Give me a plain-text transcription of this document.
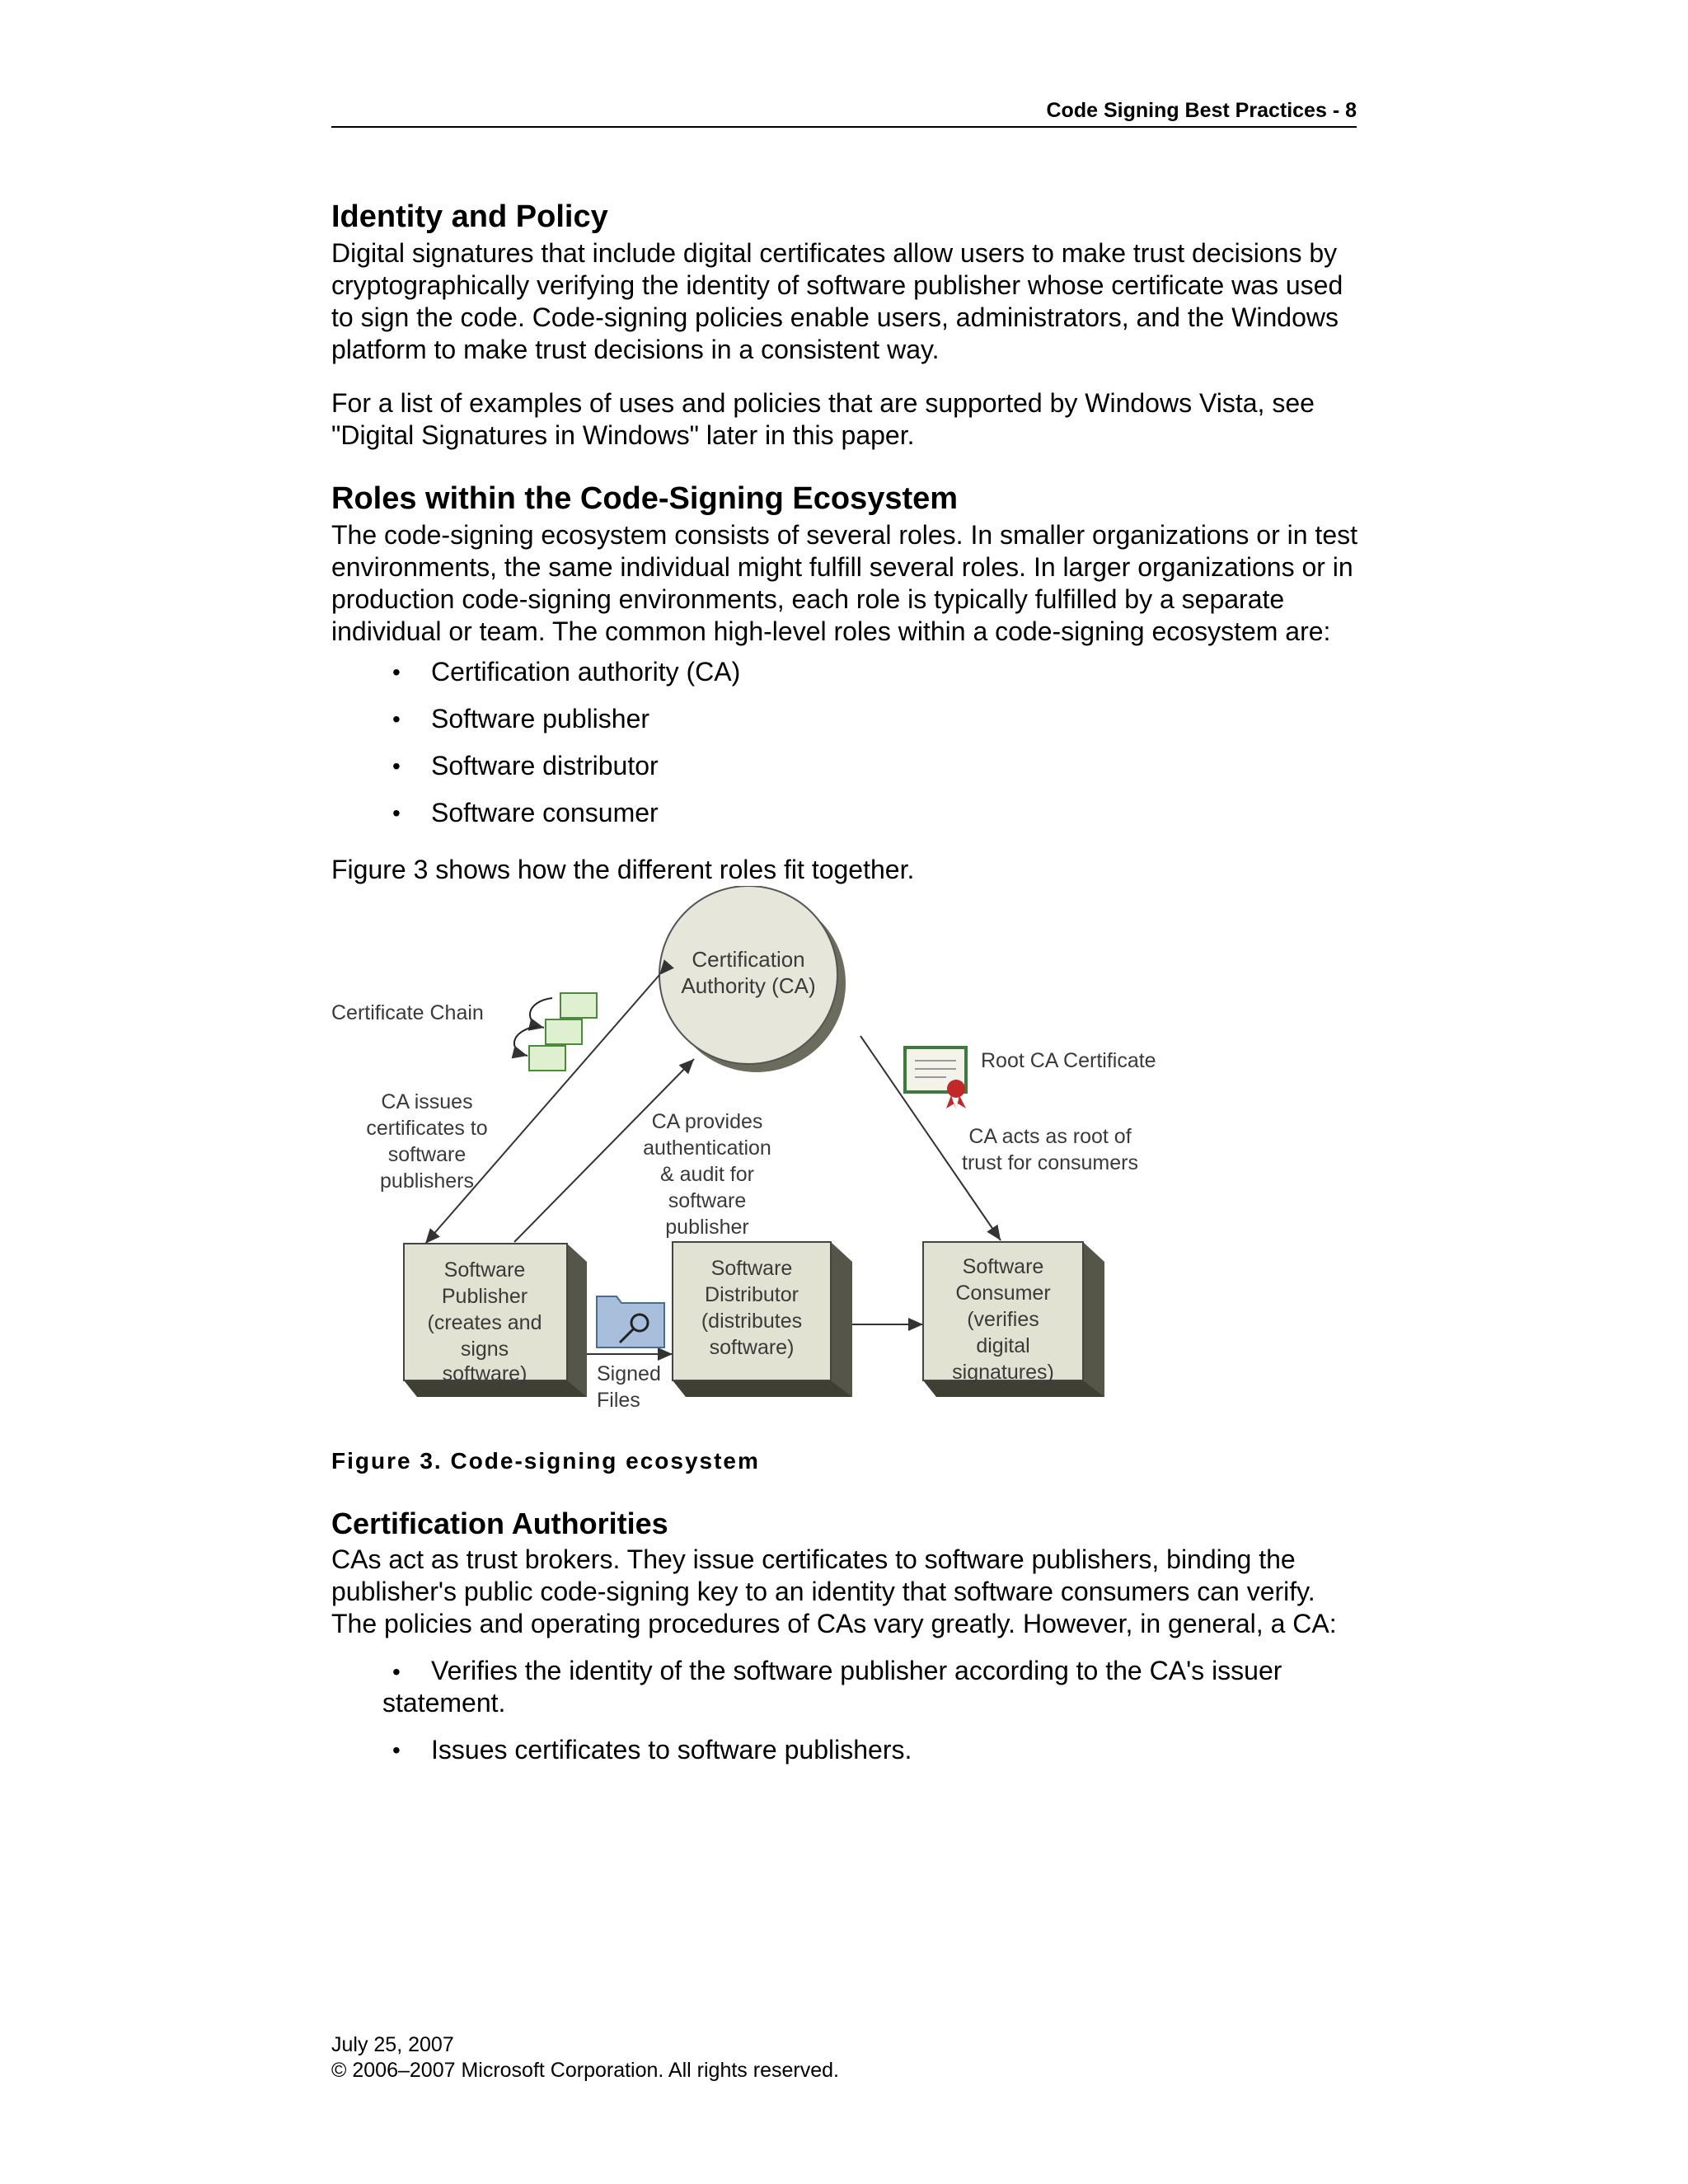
Code Signing Best Practices - 8
Identity and Policy

Digital signatures that include digital certificates allow users to make trust decisions by cryptographically verifying the identity of software publisher whose certificate was used to sign the code. Code-signing policies enable users, administrators, and the Windows platform to make trust decisions in a consistent way.

For a list of examples of uses and policies that are supported by Windows Vista, see "Digital Signatures in Windows" later in this paper.

Roles within the Code-Signing Ecosystem

The code-signing ecosystem consists of several roles. In smaller organizations or in test environments, the same individual might fulfill several roles. In larger organizations or in production code-signing environments, each role is typically fulfilled by a separate individual or team. The common high-level roles within a code-signing ecosystem are:

• Certification authority (CA)
• Software publisher
• Software distributor
• Software consumer

Figure 3 shows how the different roles fit together.

Certification
Authority (CA)
Certificate Chain
Root CA Certificate
CA issues
certificates to
software
publishers
CA provides
authentication
& audit for
software
publisher
CA acts as root of
trust for consumers
Software
Publisher
(creates and
signs
software)	Signed
Files
Software
Distributor
(distributes
software)
Software
Consumer
(verifies
digital
signatures)

Figure 3. Code-signing ecosystem

Certification Authorities

CAs act as trust brokers. They issue certificates to software publishers, binding the publisher's public code-signing key to an identity that software consumers can verify. The policies and operating procedures of CAs vary greatly. However, in general, a CA:

• Verifies the identity of the software publisher according to the CA's issuer
statement.
• Issues certificates to software publishers.
July 25, 2007
© 2006–2007 Microsoft Corporation. All rights reserved.
